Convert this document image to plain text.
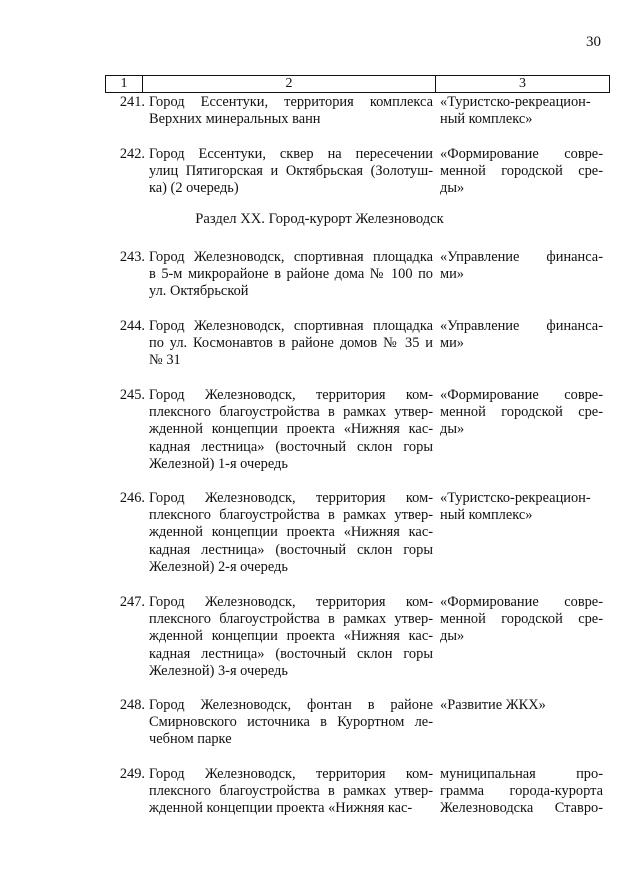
30
1	2	3
Раздел XX. Город-курорт Железноводск
241. Город Ессентуки, территория комплекса
Верхних минеральных ванн
«Туристско-рекреацион-
ный комплекс»
242. Город Ессентуки, сквер на пересечении
улиц Пятигорская и Октябрьская (Золотуш-
ка) (2 очередь)
«Формирование совре-
менной городской сре-
ды»
243. Город Железноводск, спортивная площадка
в 5-м микрорайоне в районе дома № 100 по
ул. Октябрьской
«Управление финанса-
ми»
244. Город Железноводск, спортивная площадка
по ул. Космонавтов в районе домов № 35 и
№ 31
«Управление финанса-
ми»
245. Город Железноводск, территория ком-
плексного благоустройства в рамках утвер-
жденной концепции проекта «Нижняя кас-
кадная лестница» (восточный склон горы
Железной) 1-я очередь
«Формирование совре-
менной городской сре-
ды»
246. Город Железноводск, территория ком-
плексного благоустройства в рамках утвер-
жденной концепции проекта «Нижняя кас-
кадная лестница» (восточный склон горы
Железной) 2-я очередь
«Туристско-рекреацион-
ный комплекс»
247. Город Железноводск, территория ком-
плексного благоустройства в рамках утвер-
жденной концепции проекта «Нижняя кас-
кадная лестница» (восточный склон горы
Железной) 3-я очередь
«Формирование совре-
менной городской сре-
ды»
248. Город Железноводск, фонтан в районе
Смирновского источника в Курортном ле-
чебном парке
«Развитие ЖКХ»
249. Город Железноводск, территория ком-
плексного благоустройства в рамках утвер-
жденной концепции проекта «Нижняя кас-
муниципальная про-
грамма города-курорта
Железноводска Ставро-
